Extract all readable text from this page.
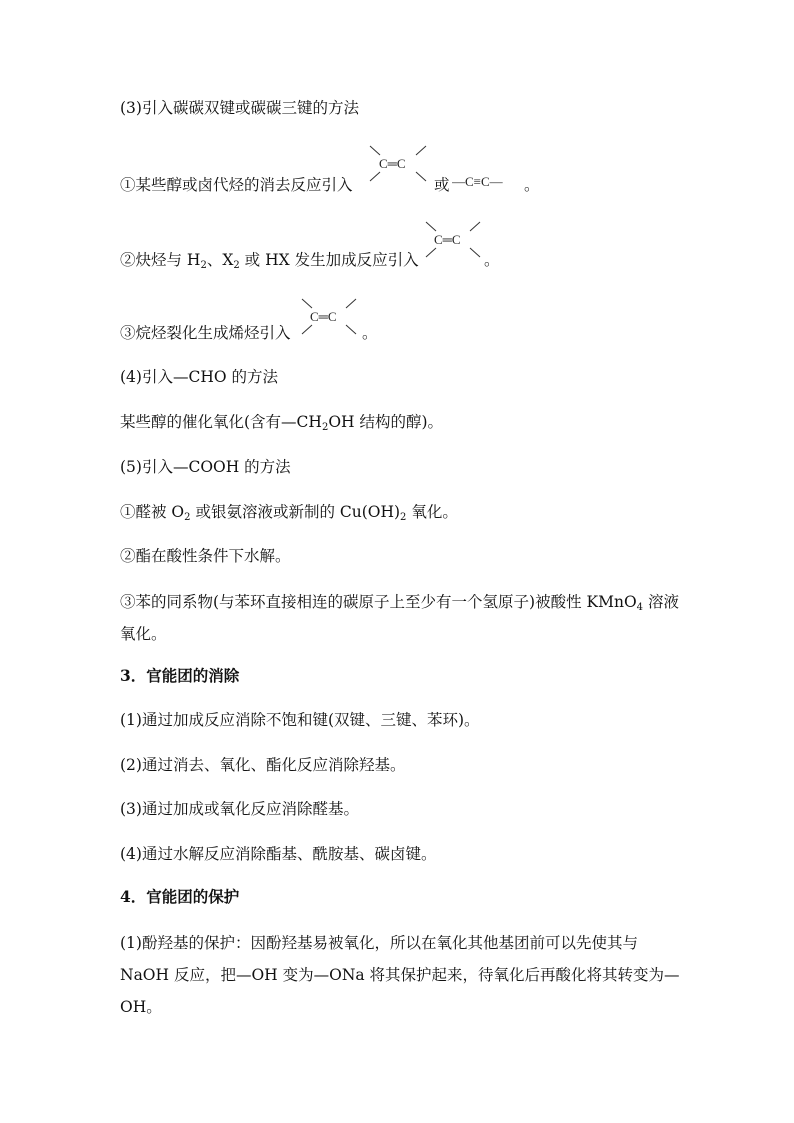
(3)引入碳碳双键或碳碳三键的方法
①某些醇或卤代烃的消去反应引入
C═C
或 —C≡C— 。
②炔烃与 $H_2$、$X_2$ 或 HX 发生加成反应引入
C═C
。
③烷烃裂化生成烯烃引入
C═C
。
(4)引入—CHO 的方法
某些醇的催化氧化(含有$—CH_2OH$ 结构的醇)。
(5)引入—COOH 的方法
①醛被 $O_2$ 或银氨溶液或新制的 $Cu(OH)_2$ 氧化。
②酯在酸性条件下水解。
③苯的同系物(与苯环直接相连的碳原子上至少有一个氢原子)被酸性 KMnO$_4$ 溶液氧化。
3．官能团的消除
(1)通过加成反应消除不饱和键(双键、三键、苯环)。
(2)通过消去、氧化、酯化反应消除羟基。
(3)通过加成或氧化反应消除醛基。
(4)通过水解反应消除酯基、酰胺基、碳卤键。
4．官能团的保护
(1)酚羟基的保护：因酚羟基易被氧化，所以在氧化其他基团前可以先使其与 NaOH 反应，把—OH 变为—ONa 将其保护起来，待氧化后再酸化将其转变为—OH。
